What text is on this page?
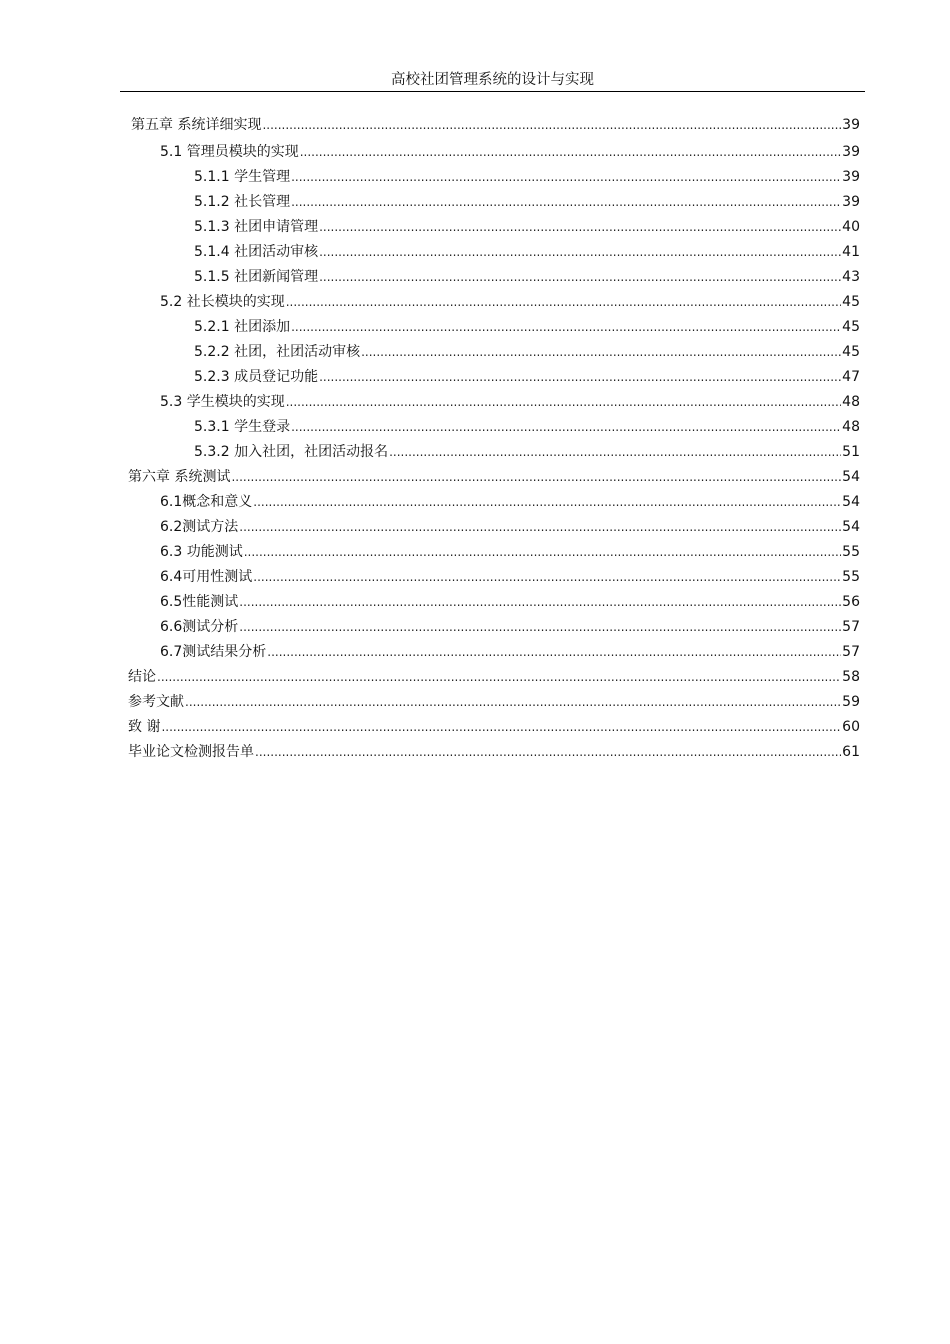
高校社团管理系统的设计与实现
第五章 系统详细实现 .....	39
5.1 管理员模块的实现 .....	39
5.1.1 学生管理 .....	39
5.1.2 社长管理 .....	39
5.1.3 社团申请管理 .....	40
5.1.4 社团活动审核 .....	41
5.1.5 社团新闻管理 .....	43
5.2 社长模块的实现 .....	45
5.2.1 社团添加 .....	45
5.2.2 社团，社团活动审核 .....	45
5.2.3 成员登记功能 .....	47
5.3 学生模块的实现 .....	48
5.3.1 学生登录 .....	48
5.3.2 加入社团，社团活动报名 .....	51
第六章 系统测试 .....	54
6.1概念和意义 .....	54
6.2测试方法 .....	54
6.3 功能测试 .....	55
6.4可用性测试 .....	55
6.5性能测试 .....	56
6.6测试分析 .....	57
6.7测试结果分析 .....	57
结论 .....	58
参考文献 .....	59
致 谢 .....	60
毕业论文检测报告单 .....	61
